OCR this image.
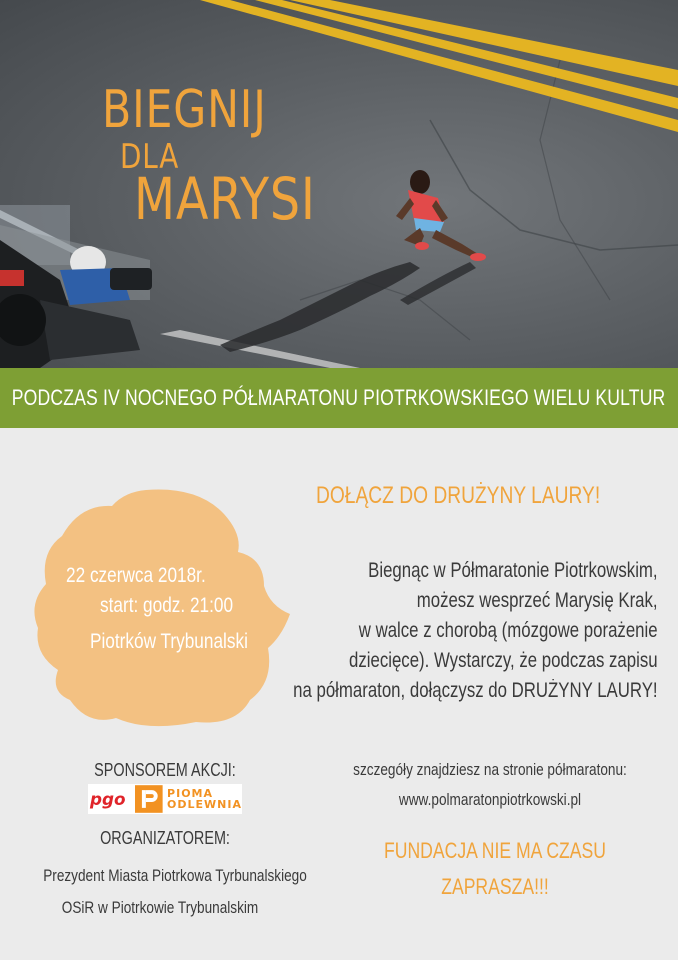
BIEGNIJ
DLA
MARYSI
PODCZAS IV NOCNEGO PÓŁMARATONU PIOTRKOWSKIEGO WIELU KULTUR
22 czerwca 2018r.
start: godz. 21:00
Piotrków Trybunalski
DOŁĄCZ DO DRUŻYNY LAURY!
Biegnąc w Półmaratonie Piotrkowskim,
możesz wesprzeć Marysię Krak,
w walce z chorobą (mózgowe porażenie
dziecięce). Wystarczy, że podczas zapisu
na półmaraton, dołączysz do DRUŻYNY LAURY!
SPONSOREM AKCJI:
pgo	PIOMA
ODLEWNIA
ORGANIZATOREM:
Prezydent Miasta Piotrkowa Tyrbunalskiego
OSiR w Piotrkowie Trybunalskim
szczegóły znajdziesz na stronie półmaratonu:
www.polmaratonpiotrkowski.pl
FUNDACJA NIE MA CZASU
ZAPRASZA!!!
